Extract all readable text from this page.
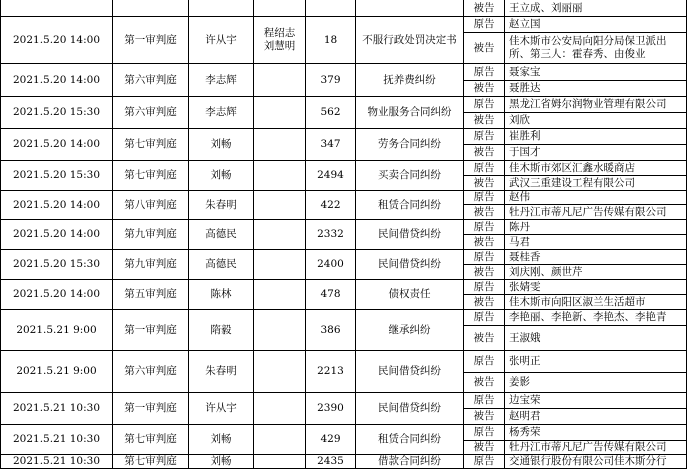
						被告	王立成、刘丽丽
2021.5.20 14:00	第一审判庭	许从宇	程绍志
刘慧明	18	不服行政处罚决定书	原告	赵立国
						被告	佳木斯市公安局向阳分局保卫派出所、第三人：霍春秀、由俊业
2021.5.20 14:00	第六审判庭	李志辉		379	抚养费纠纷	原告	聂家宝
						被告	聂胜达
2021.5.20 15:30	第六审判庭	李志辉		562	物业服务合同纠纷	原告	黑龙江省姆尔润物业管理有限公司
						被告	刘欣
2021.5.20 14:00	第七审判庭	刘畅		347	劳务合同纠纷	原告	崔胜利
						被告	于国才
2021.5.20 15:30	第七审判庭	刘畅		2494	买卖合同纠纷	原告	佳木斯市郊区汇鑫水暖商店
						被告	武汉三重建设工程有限公司
2021.5.20 14:00	第八审判庭	朱春明		422	租赁合同纠纷	原告	赵伟
						被告	牡丹江市蒂凡尼广告传媒有限公司
2021.5.20 14:00	第九审判庭	高德民		2332	民间借贷纠纷	原告	陈丹
						被告	马君
2021.5.20 15:30	第九审判庭	高德民		2400	民间借贷纠纷	原告	聂桂香
						被告	刘庆刚、颜世芹
2021.5.20 14:00	第五审判庭	陈林		478	债权责任	原告	张婧雯
						被告	佳木斯市向阳区淑兰生活超市
2021.5.21 9:00	第一审判庭	隋毅		386	继承纠纷	原告	李艳丽、李艳新、李艳杰、李艳青
						被告	王淑娥
2021.5.21 9:00	第六审判庭	朱春明		2213	民间借贷纠纷	原告	张明正
						被告	姜影
2021.5.21 10:30	第一审判庭	许从宇		2390	民间借贷纠纷	原告	边宝荣
						被告	赵明君
2021.5.21 10:30	第七审判庭	刘畅		429	租赁合同纠纷	原告	杨秀荣
						被告	牡丹江市蒂凡尼广告传媒有限公司
2021.5.21 10:30	第七审判庭	刘畅		2435	借款合同纠纷	原告	交通银行股份有限公司佳木斯分行
